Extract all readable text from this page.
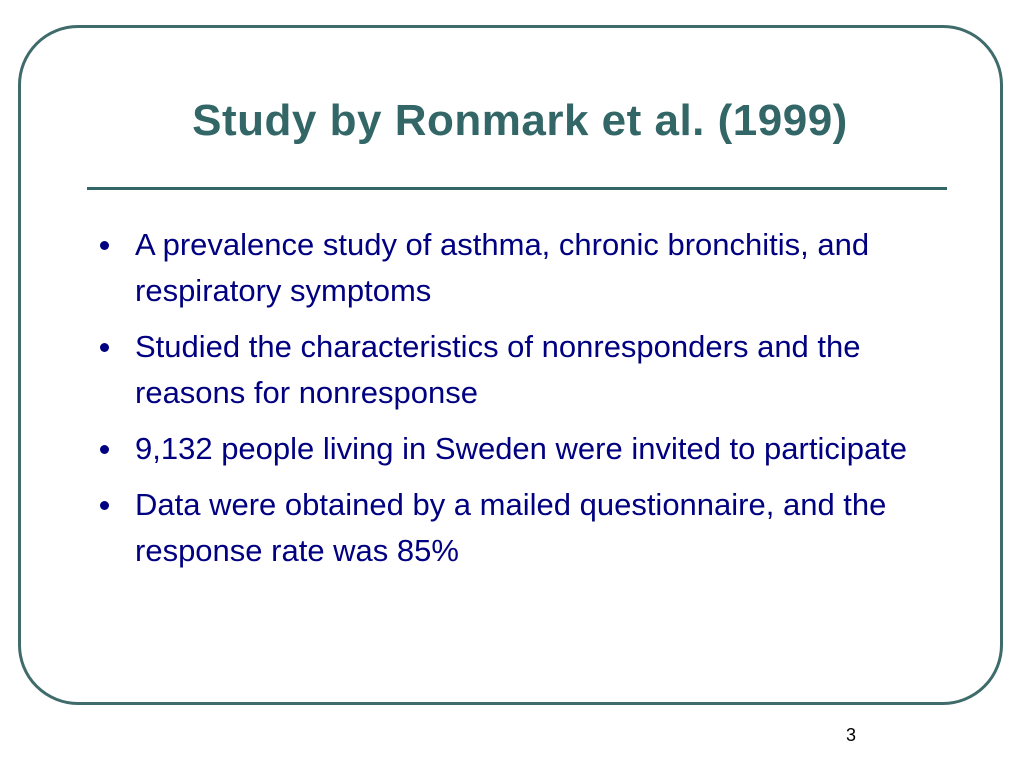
Study by Ronmark et al. (1999)
A prevalence study of asthma, chronic bronchitis, and respiratory symptoms
Studied the characteristics of nonresponders and the reasons for nonresponse
9,132 people living in Sweden were invited to participate
Data were obtained by a mailed questionnaire, and the response rate was 85%
3
